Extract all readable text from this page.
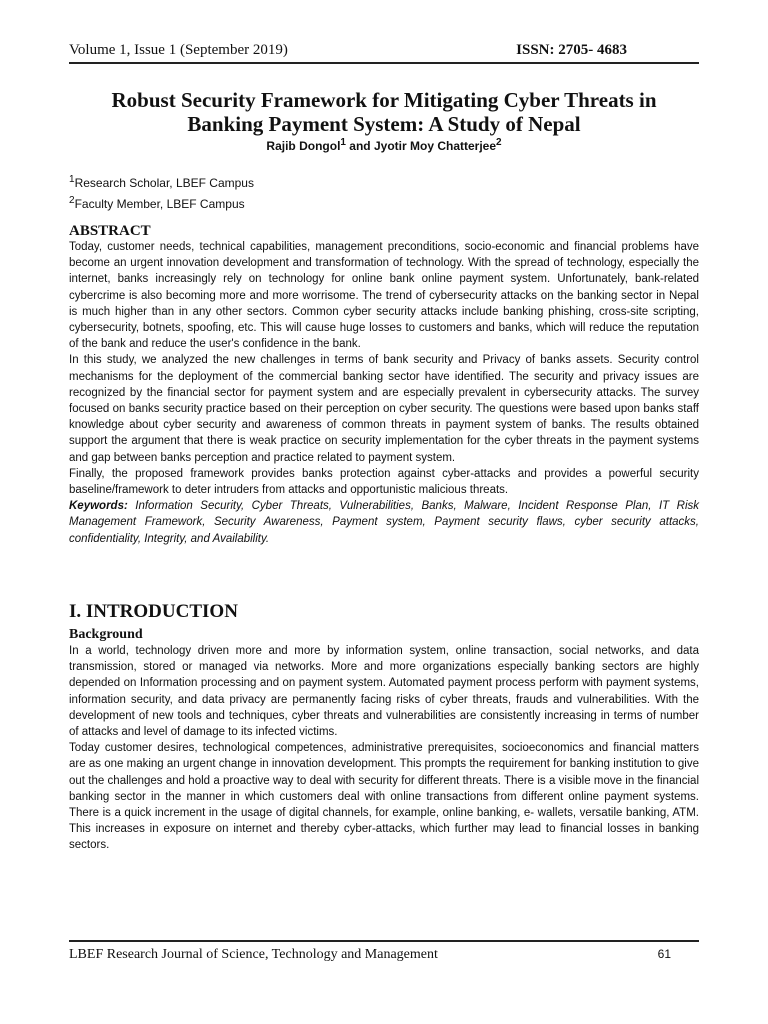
Volume 1, Issue 1 (September 2019)	ISSN: 2705- 4683
Robust Security Framework for Mitigating Cyber Threats in
Banking Payment System: A Study of Nepal
Rajib Dongol$^1$ and Jyotir Moy Chatterjee$^2$
$^1$Research Scholar, LBEF Campus
$^2$Faculty Member, LBEF Campus
ABSTRACT

Today, customer needs, technical capabilities, management preconditions, socio-economic and financial problems have become an urgent innovation development and transformation of technology. With the spread of technology, especially the internet, banks increasingly rely on technology for online bank online payment system. Unfortunately, bank-related cybercrime is also becoming more and more worrisome. The trend of cybersecurity attacks on the banking sector in Nepal is much higher than in any other sectors. Common cyber security attacks include banking phishing, cross-site scripting, cybersecurity, botnets, spoofing, etc. This will cause huge losses to customers and banks, which will reduce the reputation of the bank and reduce the user's confidence in the bank.

In this study, we analyzed the new challenges in terms of bank security and Privacy of banks assets. Security control mechanisms for the deployment of the commercial banking sector have identified. The security and privacy issues are recognized by the financial sector for payment system and are especially prevalent in cybersecurity attacks. The survey focused on banks security practice based on their perception on cyber security. The questions were based upon banks staff knowledge about cyber security and awareness of common threats in payment system of banks. The results obtained support the argument that there is weak practice on security implementation for the cyber threats in the payment systems and gap between banks perception and practice related to payment system.

Finally, the proposed framework provides banks protection against cyber-attacks and provides a powerful security baseline/framework to deter intruders from attacks and opportunistic malicious threats.

Keywords: Information Security, Cyber Threats, Vulnerabilities, Banks, Malware, Incident Response Plan, IT Risk Management Framework, Security Awareness, Payment system, Payment security flaws, cyber security attacks, confidentiality, Integrity, and Availability.

I. INTRODUCTION
Background

In a world, technology driven more and more by information system, online transaction, social networks, and data transmission, stored or managed via networks. More and more organizations especially banking sectors are highly depended on Information processing and on payment system. Automated payment process perform with payment systems, information security, and data privacy are permanently facing risks of cyber threats, frauds and vulnerabilities. With the development of new tools and techniques, cyber threats and vulnerabilities are consistently increasing in terms of number of attacks and level of damage to its infected victims.

Today customer desires, technological competences, administrative prerequisites, socioeconomics and financial matters are as one making an urgent change in innovation development. This prompts the requirement for banking institution to give out the challenges and hold a proactive way to deal with security for different threats. There is a visible move in the financial banking sector in the manner in which customers deal with online transactions from different online payment systems. There is a quick increment in the usage of digital channels, for example, online banking, e- wallets, versatile banking, ATM. This increases in exposure on internet and thereby cyber-attacks, which further may lead to financial losses in banking sectors.

LBEF Research Journal of Science, Technology and Management	61
